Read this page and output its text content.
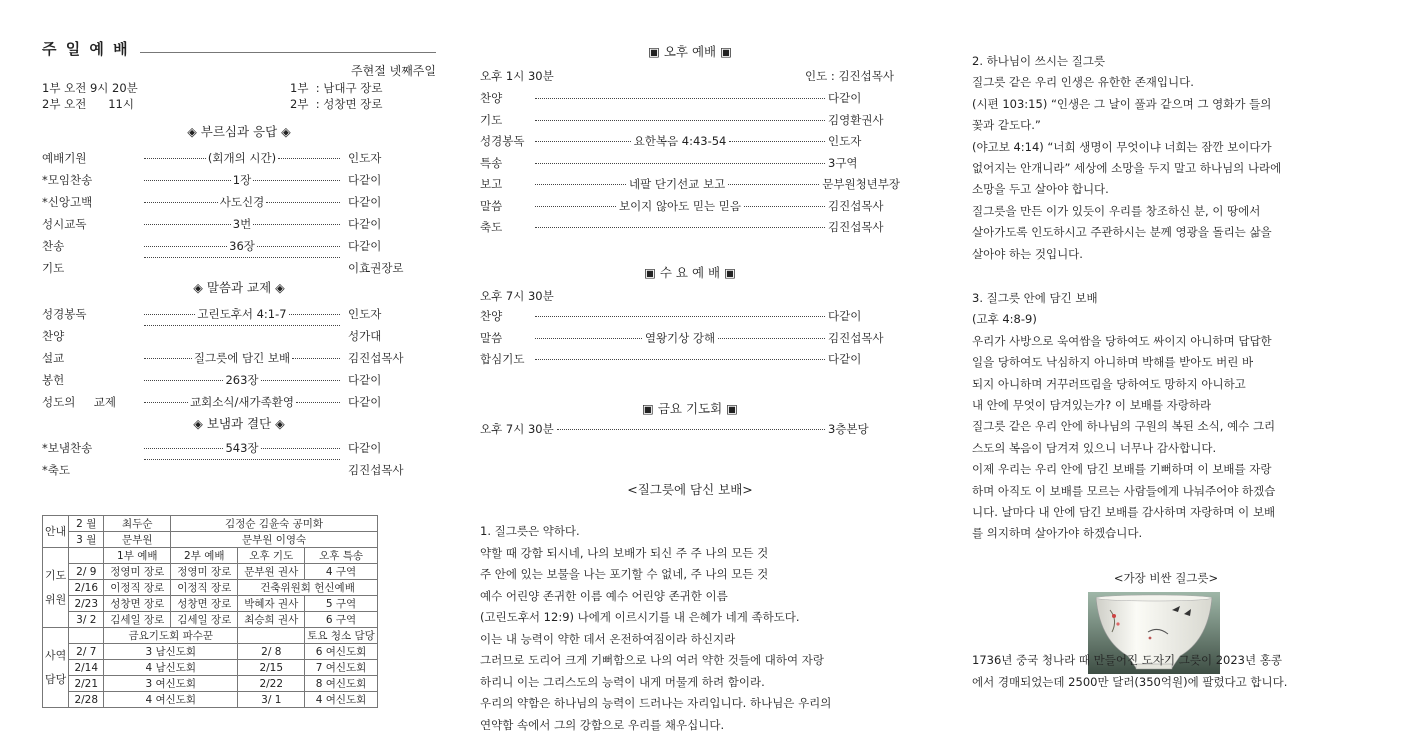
주 일 예 배
주현절 넷째주일
1부 오전 9시 20분	1부  : 남대구 장로
2부 오전      11시	2부  : 성창면 장로
◈ 부르심과 응답 ◈
예배기원	(회개의 시간)	인도자
*모임찬송	1장	다같이
*신앙고백	사도신경	다같이
성시교독	3번	다같이
찬송	36장	다같이
기도	이효권장로
◈ 말씀과 교제 ◈
성경봉독	고린도후서 4:1-7	인도자
찬양	성가대
설교	질그릇에 담긴 보배	김진섭목사
봉헌	263장	다같이
성도의 교제	교회소식/새가족환영	다같이
◈ 보냄과 결단 ◈
*보냄찬송	543장	다같이
*축도	김진섭목사
안내	2 월	최두순	김정순 김윤숙 공미화		
	3 월	문부원	문부원 이영숙		
기도

위원		1부 예배	2부 예배	오후 기도	오후 특송
	2/ 9	정영미 장로	정영미 장로	문부원 권사	4 구역
	2/16	이정직 장로	이정직 장로	건축위원회 헌신예배	
	2/23	성창면 장로	성창면 장로	박혜자 권사	5 구역
	3/ 2	김세일 장로	김세일 장로	최승희 권사	6 구역
사역

담당		금요기도회 파수꾼			토요 청소 담당
	2/ 7	3 남신도회		2/ 8	6 여신도회
	2/14	4 남신도회		2/15	7 여신도회
	2/21	3 여신도회		2/22	8 여신도회
	2/28	4 여신도회		3/ 1	4 여신도회
▣ 오후 예배 ▣
오후 1시 30분	인도 : 김진섭목사
찬양	다같이
기도	김영환권사
성경봉독	요한복음 4:43-54	인도자
특송	3구역
보고	네팔 단기선교 보고	문부원청년부장
말씀	보이지 않아도 믿는 믿음	김진섭목사
축도	김진섭목사
▣ 수 요 예 배 ▣
오후 7시 30분
찬양	다같이
말씀	열왕기상 강해	김진섭목사
합심기도	다같이
▣ 금요 기도회 ▣
오후 7시 30분	3층본당
<질그릇에 담신 보배>
1. 질그릇은 약하다.
약할 때 강함 되시네, 나의 보배가 되신 주 주 나의 모든 것
주 안에 있는 보물을 나는 포기할 수 없네, 주 나의 모든 것
예수 어린양 존귀한 이름 예수 어린양 존귀한 이름
(고린도후서 12:9) 나에게 이르시기를 내 은혜가 네게 족하도다.
이는 내 능력이 약한 데서 온전하여짐이라 하신지라
그러므로 도리어 크게 기뻐함으로 나의 여러 약한 것들에 대하여 자랑
하리니 이는 그리스도의 능력이 내게 머물게 하려 함이라.
우리의 약함은 하나님의 능력이 드러나는 자리입니다. 하나님은 우리의
연약함 속에서 그의 강함으로 우리를 채우십니다.
2. 하나님이 쓰시는 질그릇
질그릇 같은 우리 인생은 유한한 존재입니다.
(시편 103:15) “인생은 그 날이 풀과 같으며 그 영화가 들의
꽃과 같도다.”
(야고보 4:14) “너희 생명이 무엇이냐 너희는 잠깐 보이다가
없어지는 안개니라” 세상에 소망을 두지 말고 하나님의 나라에
소망을 두고 살아야 합니다.
질그릇을 만든 이가 있듯이 우리를 창조하신 분, 이 땅에서
살아가도록 인도하시고 주관하시는 분께 영광을 돌리는 삶을
살아야 하는 것입니다.
3. 질그릇 안에 담긴 보배
(고후 4:8-9)
우리가 사방으로 욱여쌈을 당하여도 싸이지 아니하며 답답한
일을 당하여도 낙심하지 아니하며 박해를 받아도 버린 바
되지 아니하며 거꾸러뜨림을 당하여도 망하지 아니하고
내 안에 무엇이 담겨있는가? 이 보배를 자랑하라
질그릇 같은 우리 안에 하나님의 구원의 복된 소식, 예수 그리
스도의 복음이 담겨져 있으니 너무나 감사합니다.
이제 우리는 우리 안에 담긴 보배를 기뻐하며 이 보배를 자랑
하며 아직도 이 보배를 모르는 사람들에게 나눠주어야 하겠습
니다. 날마다 내 안에 담긴 보배를 감사하며 자랑하며 이 보배
를 의지하며 살아가야 하겠습니다.
<가장 비싼 질그릇>
1736년 중국 청나라 때 만들어진 도자기 그릇이 2023년 홍콩
에서 경매되었는데 2500만 달러(350억원)에 팔렸다고 합니다.
